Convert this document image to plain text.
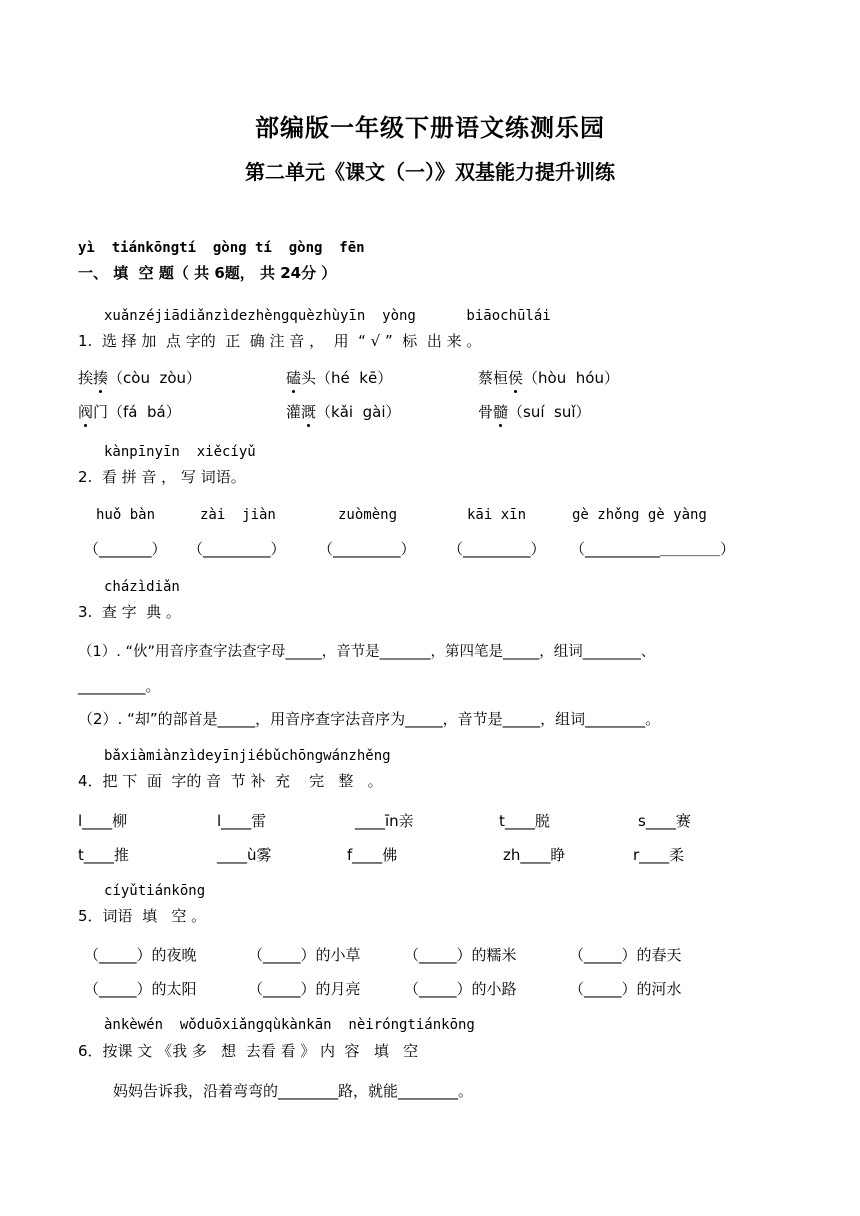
部编版一年级下册语文练测乐园
第二单元《课文（一）》双基能力提升训练
yì  tiánkōngtí  gòng tí  gòng  fēn
一、 填  空 题（ 共 6题， 共 24分 ）
xuǎnzéjiādiǎnzìdezhèngquèzhùyīn  yòng      biāochūlái
1.  选 择 加  点 字的  正  确 注 音 ，  用  “ √ ”  标  出 来 。
挨揍（còu  zòu）	磕头（hé  kē）	蔡桓侯（hòu  hóu）
阀门（fá  bá）	灌溉（kǎi  gài）	骨髓（suí  suǐ）
kànpīnyīn  xiěcíyǔ
2.  看 拼 音 ， 写 词语。
huǒ bàn	zài  jiàn	zuòmèng	kāi xīn	gè zhǒng gè yàng
（_______） （_________） （_________） （_________） （__________＿＿＿＿）
cházìdiǎn
3.  查 字  典 。
（1）. “伙”用音序查字法查字母_____，音节是_______，第四笔是_____，组词________、
_________。
（2）. “却”的部首是_____，用音序查字法音序为_____，音节是_____，组词________。
bǎxiàmiànzìdeyīnjiébǔchōngwánzhěng
4．把 下  面  字的 音  节 补  充    完   整   。
l____柳	l____雷	____īn亲	t____脱	s____赛
t____推	____ù雾	f____佛	zh____睁	r____柔
cíyǔtiánkōng
5．词语  填   空 。
（_____）的夜晚	（_____）的小草	（_____）的糯米	（_____）的春天
（_____）的太阳	（_____）的月亮	（_____）的小路	（_____）的河水
ànkèwén  wǒduōxiǎngqùkànkān  nèiróngtiánkōng
6．按课 文 《我 多   想  去看 看 》 内  容   填   空
妈妈告诉我，沿着弯弯的________路，就能________。
